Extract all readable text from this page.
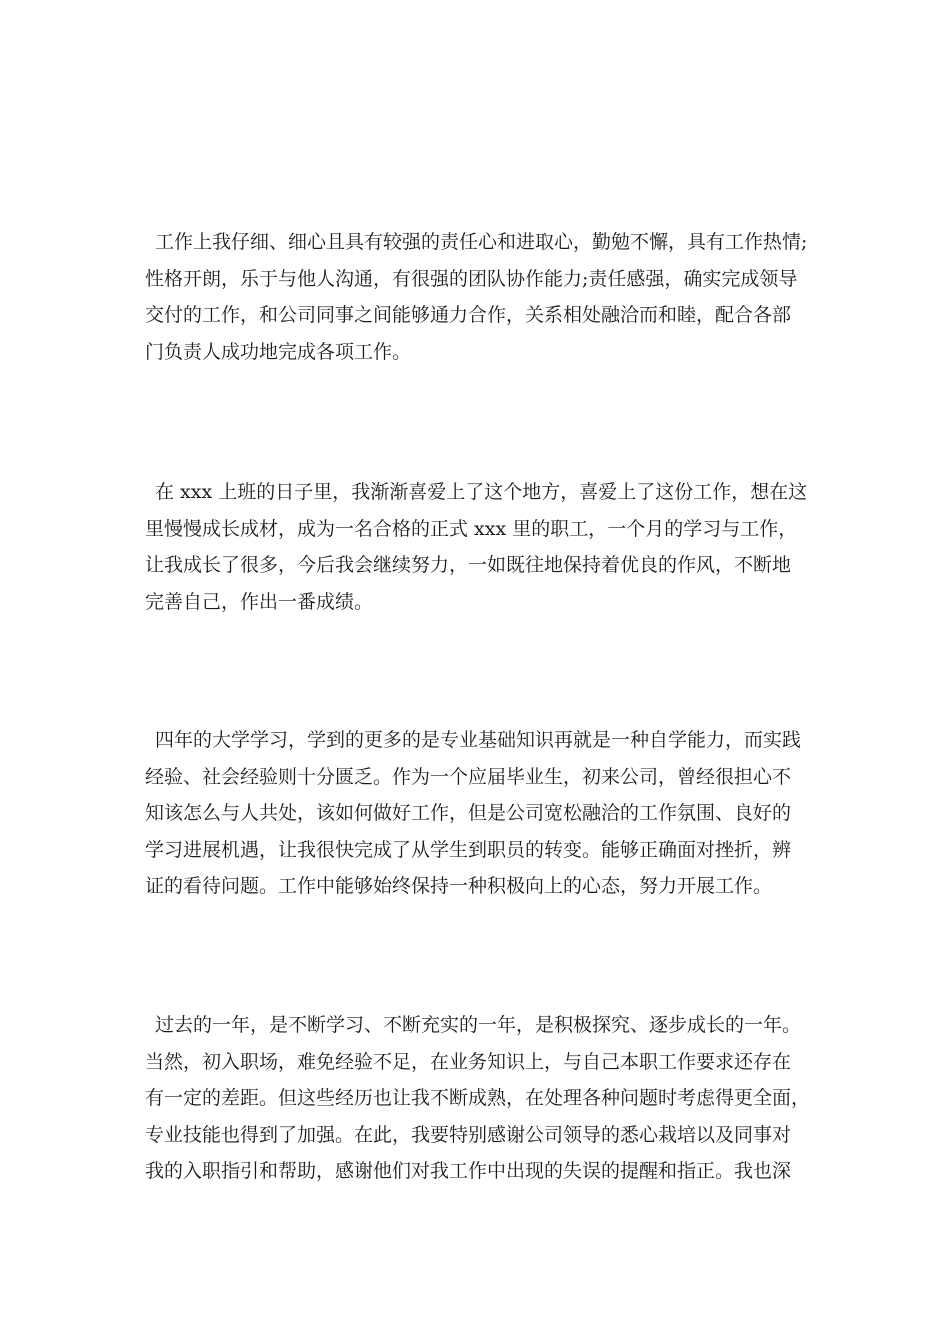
工作上我仔细、细心且具有较强的责任心和进取心，勤勉不懈，具有工作热情;
性格开朗，乐于与他人沟通，有很强的团队协作能力;责任感强，确实完成领导
交付的工作，和公司同事之间能够通力合作，关系相处融洽而和睦，配合各部
门负责人成功地完成各项工作。

在 xxx 上班的日子里，我渐渐喜爱上了这个地方，喜爱上了这份工作，想在这
里慢慢成长成材，成为一名合格的正式 xxx 里的职工，一个月的学习与工作，
让我成长了很多，今后我会继续努力，一如既往地保持着优良的作风，不断地
完善自己，作出一番成绩。

四年的大学学习，学到的更多的是专业基础知识再就是一种自学能力，而实践
经验、社会经验则十分匮乏。作为一个应届毕业生，初来公司，曾经很担心不
知该怎么与人共处，该如何做好工作，但是公司宽松融洽的工作氛围、良好的
学习进展机遇，让我很快完成了从学生到职员的转变。能够正确面对挫折，辨
证的看待问题。工作中能够始终保持一种积极向上的心态，努力开展工作。

过去的一年，是不断学习、不断充实的一年，是积极探究、逐步成长的一年。
当然，初入职场，难免经验不足，在业务知识上，与自己本职工作要求还存在
有一定的差距。但这些经历也让我不断成熟，在处理各种问题时考虑得更全面，
专业技能也得到了加强。在此，我要特别感谢公司领导的悉心栽培以及同事对
我的入职指引和帮助，感谢他们对我工作中出现的失误的提醒和指正。我也深
